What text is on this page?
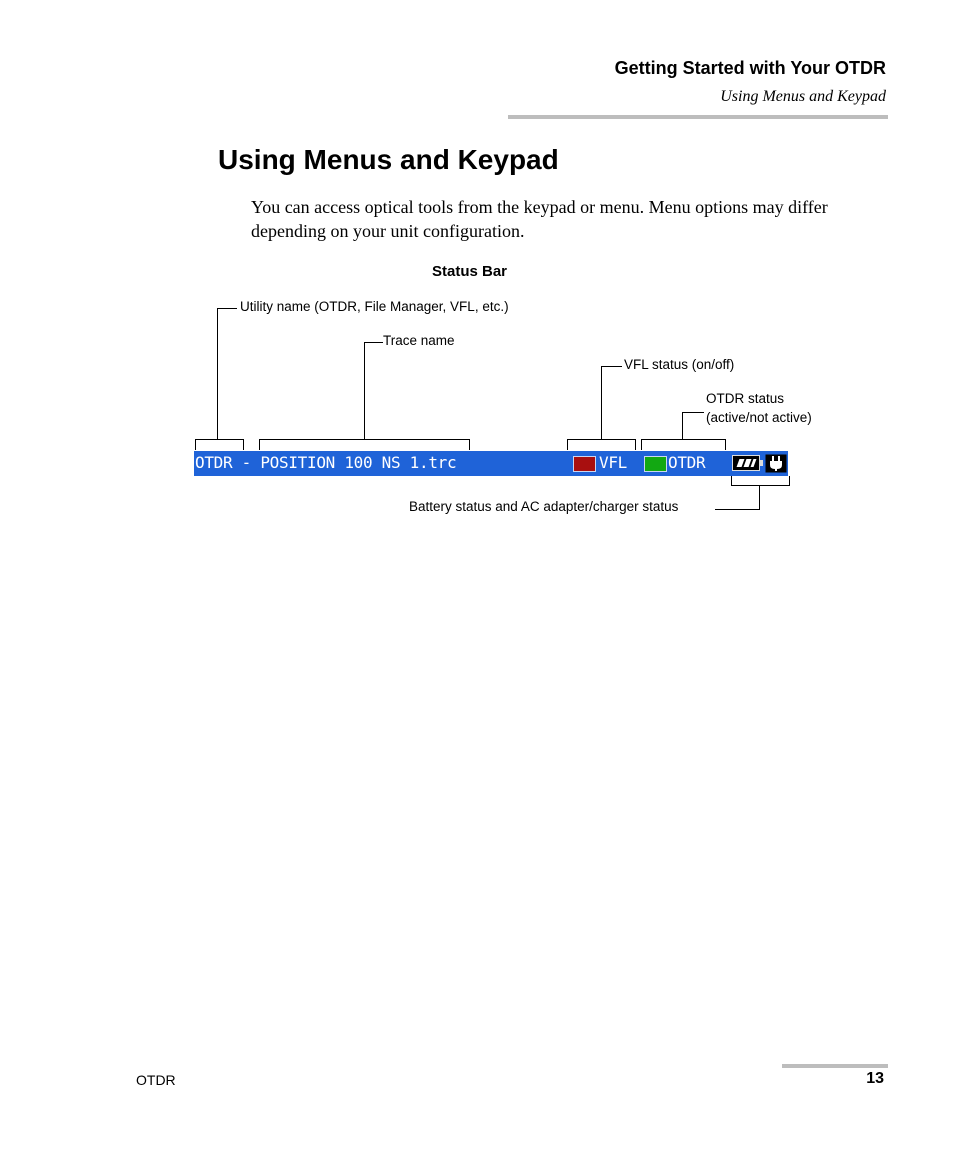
Getting Started with Your OTDR
Using Menus and Keypad
Using Menus and Keypad
You can access optical tools from the keypad or menu. Menu options may differ depending on your unit configuration.
Status Bar
Utility name (OTDR, File Manager, VFL, etc.)
Trace name
VFL status (on/off)
OTDR status
(active/not active)
OTDR - POSITION 100 NS 1.trc	VFL	OTDR
Battery status and AC adapter/charger status
OTDR	13
